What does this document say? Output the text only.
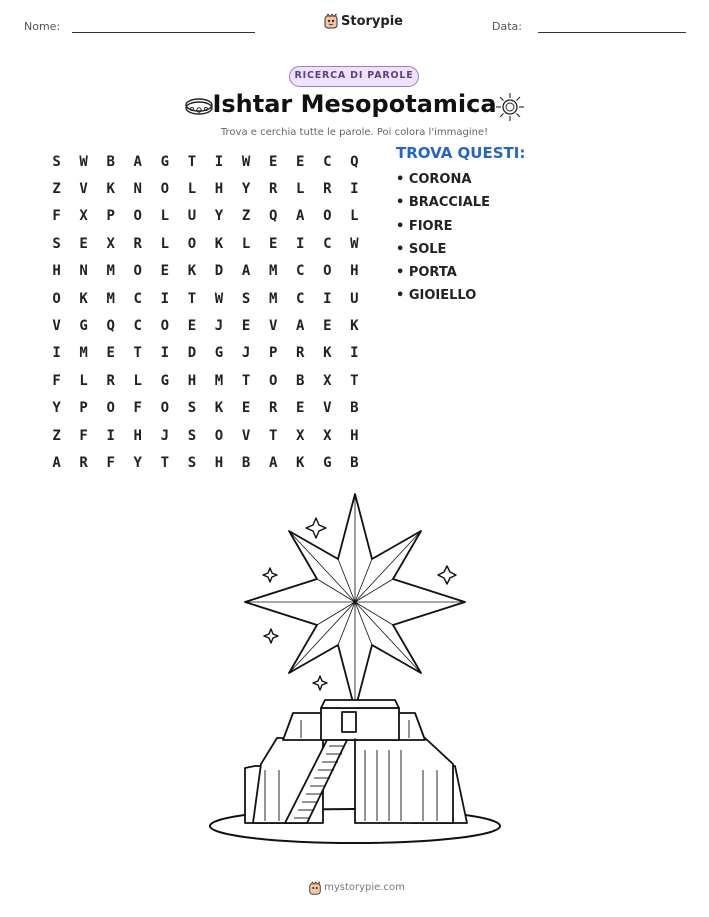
Nome:	Storypie	Data:
RICERCA DI PAROLE
Ishtar Mesopotamica
Trova e cerchia tutte le parole. Poi colora l'immagine!
S	W	B	A	G	T	I	W	E	E	C	Q
Z	V	K	N	O	L	H	Y	R	L	R	I
F	X	P	O	L	U	Y	Z	Q	A	O	L
S	E	X	R	L	O	K	L	E	I	C	W
H	N	M	O	E	K	D	A	M	C	O	H
O	K	M	C	I	T	W	S	M	C	I	U
V	G	Q	C	O	E	J	E	V	A	E	K
I	M	E	T	I	D	G	J	P	R	K	I
F	L	R	L	G	H	M	T	O	B	X	T
Y	P	O	F	O	S	K	E	R	E	V	B
Z	F	I	H	J	S	O	V	T	X	X	H
A	R	F	Y	T	S	H	B	A	K	G	B
TROVA QUESTI:
• CORONA
• BRACCIALE
• FIORE
• SOLE
• PORTA
• GIOIELLO
mystorypie.com
